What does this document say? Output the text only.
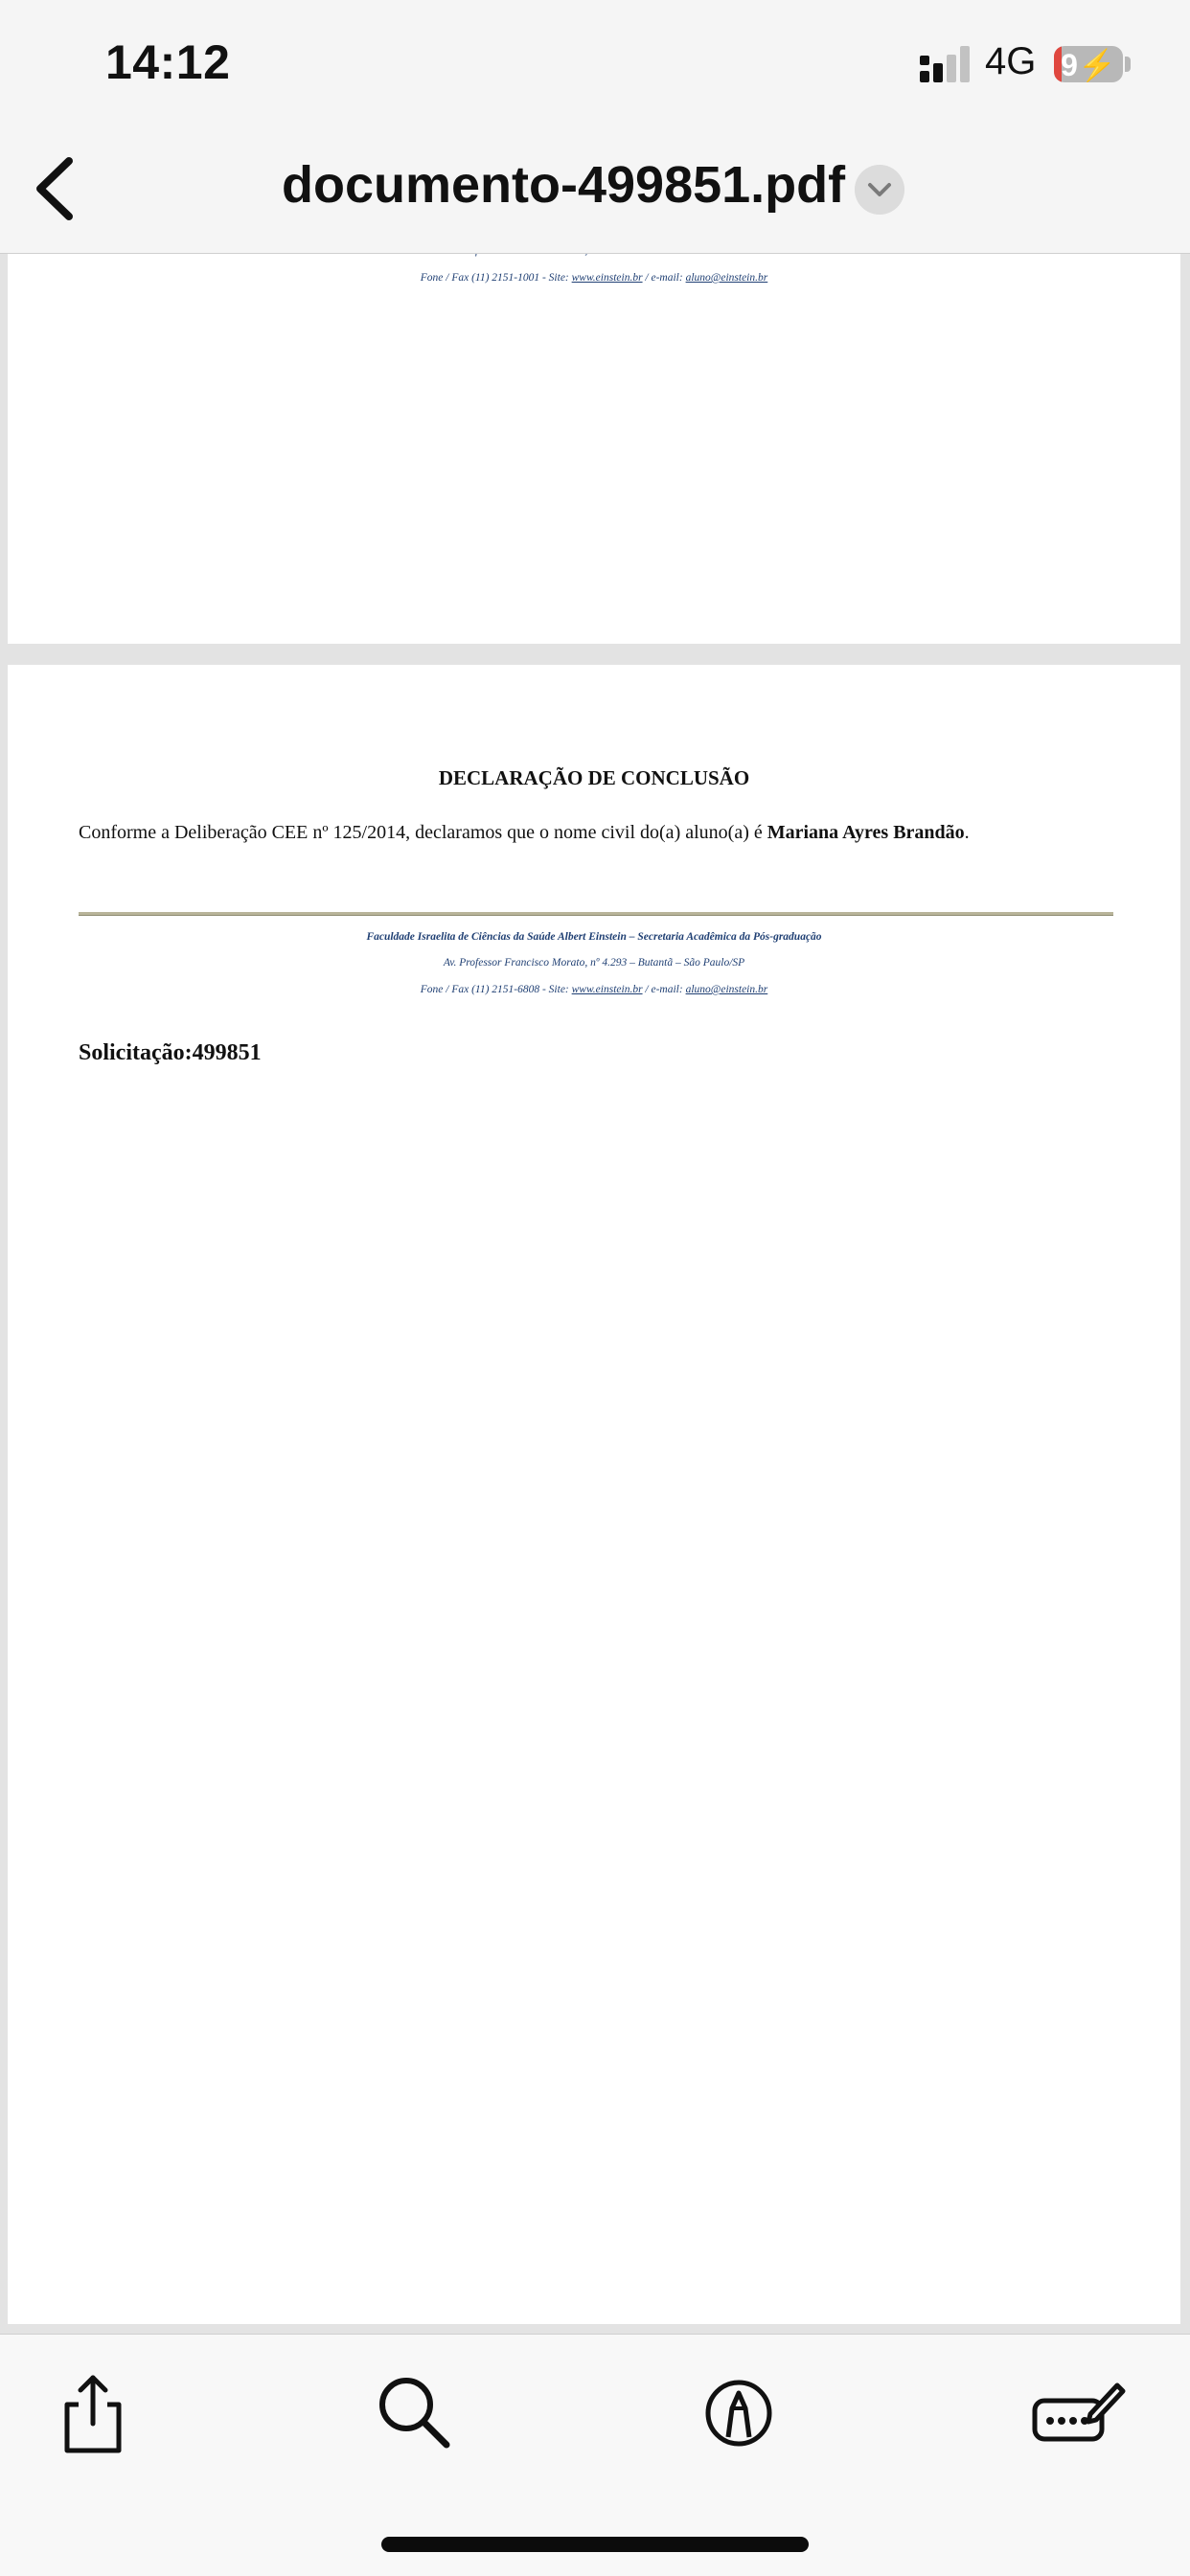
14:12	4G 9⚡
documento-499851.pdf
Fone / Fax (11) 2151-1001 - Site: www.einstein.br / e-mail: aluno@einstein.br
DECLARAÇÃO DE CONCLUSÃO
Conforme a Deliberação CEE nº 125/2014, declaramos que o nome civil do(a) aluno(a) é Mariana Ayres Brandão.
Faculdade Israelita de Ciências da Saúde Albert Einstein – Secretaria Acadêmica da Pós-graduação
Av. Professor Francisco Morato, nº 4.293 – Butantã – São Paulo/SP
Fone / Fax (11) 2151-6808 - Site: www.einstein.br / e-mail: aluno@einstein.br
Solicitação:499851
